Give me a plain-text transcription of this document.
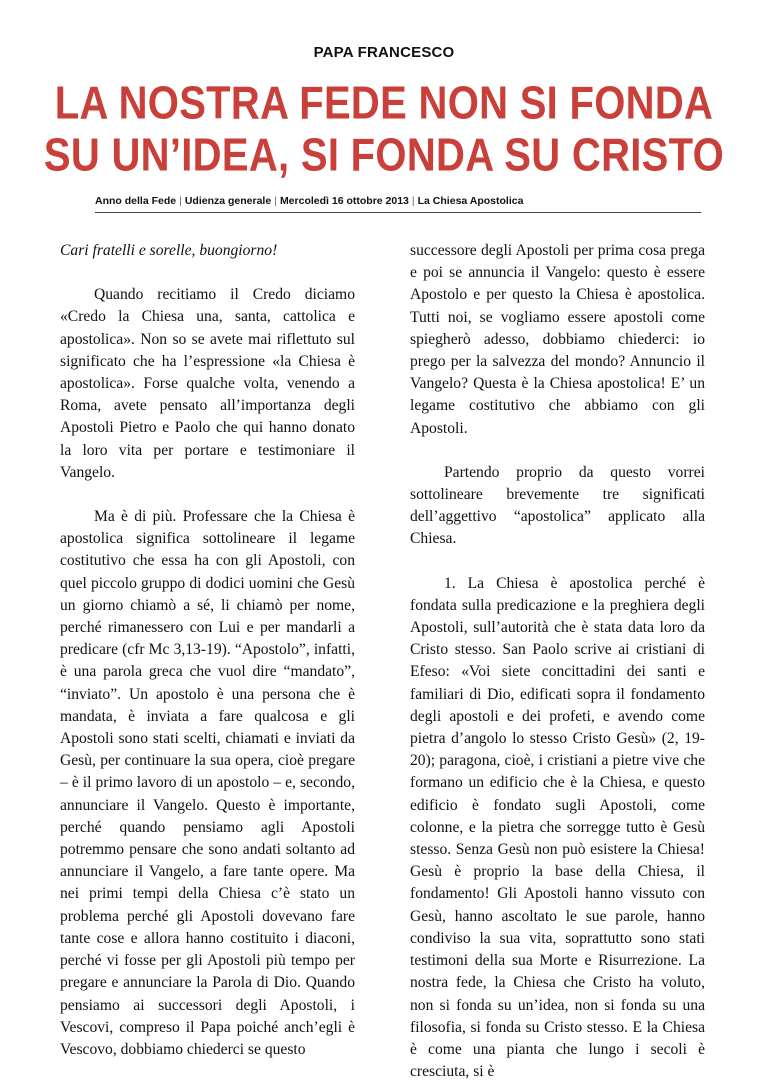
PAPA FRANCESCO
LA NOSTRA FEDE NON SI FONDA
SU UN’IDEA, SI FONDA SU CRISTO
Anno della Fede | Udienza generale | Mercoledì 16 ottobre 2013 | La Chiesa Apostolica

Cari fratelli e sorelle, buongiorno!

Quando recitiamo il Credo diciamo «Credo la Chiesa una, santa, cattolica e apostolica». Non so se avete mai riflettuto sul significato che ha l’espressione «la Chiesa è apostolica». Forse qualche volta, venendo a Roma, avete pensato all’importanza degli Apostoli Pietro e Paolo che qui hanno donato la loro vita per portare e testimoniare il Vangelo.

Ma è di più. Professare che la Chiesa è apostolica significa sottolineare il legame costitutivo che essa ha con gli Apostoli, con quel piccolo gruppo di dodici uomini che Gesù un giorno chiamò a sé, li chiamò per nome, perché rimanessero con Lui e per mandarli a predicare (cfr Mc 3,13-19). “Apostolo”, infatti, è una parola greca che vuol dire “mandato”, “inviato”. Un apostolo è una persona che è mandata, è inviata a fare qualcosa e gli Apostoli sono stati scelti, chiamati e inviati da Gesù, per continuare la sua opera, cioè pregare – è il primo lavoro di un apostolo – e, secondo, annunciare il Vangelo. Questo è importante, perché quando pensiamo agli Apostoli potremmo pensare che sono andati soltanto ad annunciare il Vangelo, a fare tante opere. Ma nei primi tempi della Chiesa c’è stato un problema perché gli Apostoli dovevano fare tante cose e allora hanno costituito i diaconi, perché vi fosse per gli Apostoli più tempo per pregare e annunciare la Parola di Dio. Quando pensiamo ai successori degli Apostoli, i Vescovi, compreso il Papa poiché anch’egli è Vescovo, dobbiamo chiederci se questo

successore degli Apostoli per prima cosa prega e poi se annuncia il Vangelo: questo è essere Apostolo e per questo la Chiesa è apostolica. Tutti noi, se vogliamo essere apostoli come spiegherò adesso, dobbiamo chiederci: io prego per la salvezza del mondo? Annuncio il Vangelo? Questa è la Chiesa apostolica! E’ un legame costitutivo che abbiamo con gli Apostoli.

Partendo proprio da questo vorrei sottolineare brevemente tre significati dell’aggettivo “apostolica” applicato alla Chiesa.

1. La Chiesa è apostolica perché è fondata sulla predicazione e la preghiera degli Apostoli, sull’autorità che è stata data loro da Cristo stesso. San Paolo scrive ai cristiani di Efeso: «Voi siete concittadini dei santi e familiari di Dio, edificati sopra il fondamento degli apostoli e dei profeti, e avendo come pietra d’angolo lo stesso Cristo Gesù» (2, 19-20); paragona, cioè, i cristiani a pietre vive che formano un edificio che è la Chiesa, e questo edificio è fondato sugli Apostoli, come colonne, e la pietra che sorregge tutto è Gesù stesso. Senza Gesù non può esistere la Chiesa! Gesù è proprio la base della Chiesa, il fondamento! Gli Apostoli hanno vissuto con Gesù, hanno ascoltato le sue parole, hanno condiviso la sua vita, soprattutto sono stati testimoni della sua Morte e Risurrezione. La nostra fede, la Chiesa che Cristo ha voluto, non si fonda su un’idea, non si fonda su una filosofia, si fonda su Cristo stesso. E la Chiesa è come una pianta che lungo i secoli è cresciuta, si è
